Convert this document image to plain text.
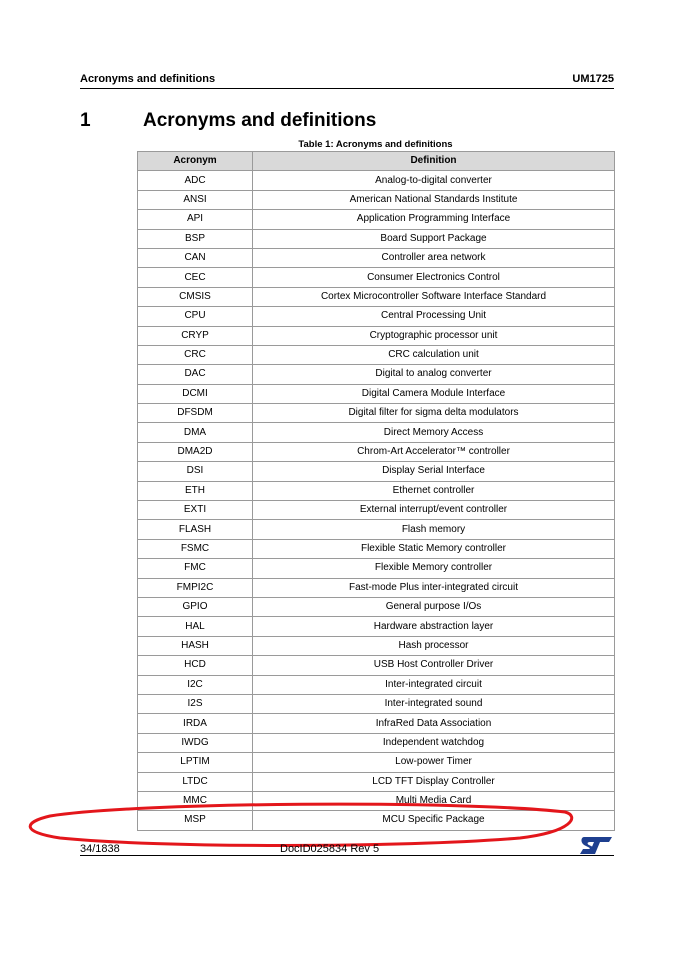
Acronyms and definitions	UM1725
1	Acronyms and definitions
Table 1: Acronyms and definitions
Acronym	Definition
ADC	Analog-to-digital converter
ANSI	American National Standards Institute
API	Application Programming Interface
BSP	Board Support Package
CAN	Controller area network
CEC	Consumer Electronics Control
CMSIS	Cortex Microcontroller Software Interface Standard
CPU	Central Processing Unit
CRYP	Cryptographic processor unit
CRC	CRC calculation unit
DAC	Digital to analog converter
DCMI	Digital Camera Module Interface
DFSDM	Digital filter for sigma delta modulators
DMA	Direct Memory Access
DMA2D	Chrom-Art Accelerator™ controller
DSI	Display Serial Interface
ETH	Ethernet controller
EXTI	External interrupt/event controller
FLASH	Flash memory
FSMC	Flexible Static Memory controller
FMC	Flexible Memory controller
FMPI2C	Fast-mode Plus inter-integrated circuit
GPIO	General purpose I/Os
HAL	Hardware abstraction layer
HASH	Hash processor
HCD	USB Host Controller Driver
I2C	Inter-integrated circuit
I2S	Inter-integrated sound
IRDA	InfraRed Data Association
IWDG	Independent watchdog
LPTIM	Low-power Timer
LTDC	LCD TFT Display Controller
MMC	Multi Media Card
MSP	MCU Specific Package
34/1838	DocID025834 Rev 5
